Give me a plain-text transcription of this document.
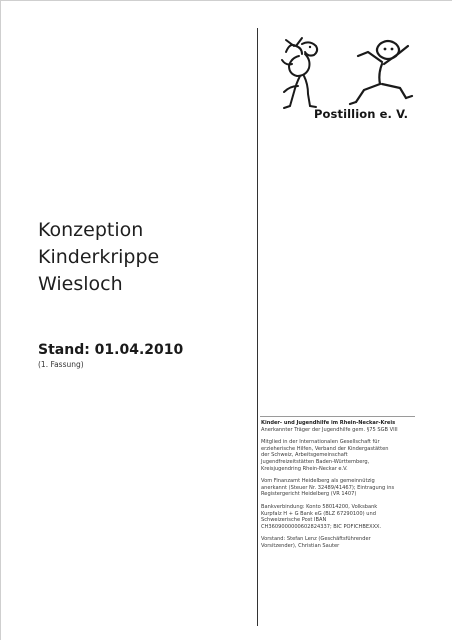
Postillion e. V.
Konzeption
Kinderkrippe
Wiesloch
Stand: 01.04.2010
(1. Fassung)

Kinder- und Jugendhilfe im Rhein-Neckar-Kreis
Anerkannter Träger der Jugendhilfe gem. §75 SGB VIII

Mitglied in der Internationalen Gesellschaft für
erzieherische Hilfen, Verband der Kindergastätten
der Schweiz, Arbeitsgemeinschaft
Jugendfreizeitstätten Baden-Württemberg,
Kreisjugendring Rhein-Neckar e.V.

Vom Finanzamt Heidelberg als gemeinnützig
anerkannt (Steuer Nr. 32489/41467); Eintragung ins
Registergericht Heidelberg (VR 1407)

Bankverbindung: Konto 58014200, Volksbank
Kurpfalz H + G Bank eG (BLZ 67290100) und
Schweizerische Post IBAN
CH3609000000602824337; BIC POFICHBEXXX.

Vorstand: Stefan Lenz (Geschäftsführender
Vorsitzender), Christian Sauter
